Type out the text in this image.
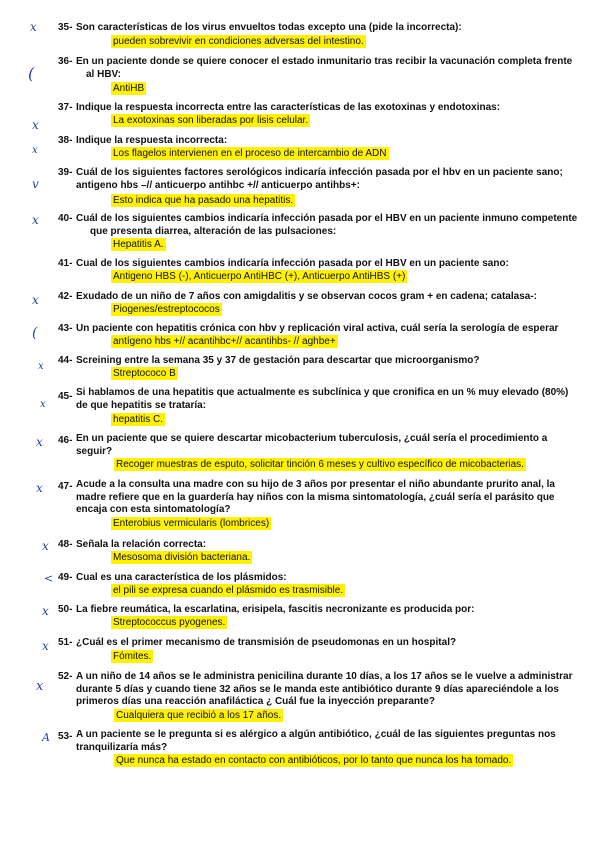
x 35- Son características de los virus envueltos todas excepto una (pide la incorrecta):
pueden sobrevivir en condiciones adversas del intestino.
(
36- En un paciente donde se quiere conocer el estado inmunitario tras recibir la vacunación completa frente
al HBV:
AntiHB
x
37- Indique la respuesta incorrecta entre las características de las exotoxinas y endotoxinas:
La exotoxinas son liberadas por lisis celular.
x
38- Indique la respuesta incorrecta:
Los flagelos intervienen en el proceso de intercambio de ADN
v
39- Cuál de los siguientes factores serológicos indicaría infección pasada por el hbv en un paciente sano;
antigeno hbs –// anticuerpo antihbc +// anticuerpo antihbs+:
Esto indica que ha pasado una hepatitis.
x 40- Cuál de los siguientes cambios indicaría infección pasada por el HBV en un paciente inmuno competente
que presenta diarrea, alteración de las pulsaciones:
Hepatitis A.
41- Cual de los siguientes cambios indicaría infección pasada por el HBV en un paciente sano:
Antigeno HBS (-), Anticuerpo AntiHBC (+), Anticuerpo AntiHBS (+)
x 42- Exudado de un niño de 7 años con amigdalitis y se observan cocos gram + en cadena; catalasa-:
Piogenes/estreptococos
( 43- Un paciente con hepatitis crónica con hbv y replicación viral activa, cuál sería la serología de esperar
antígeno hbs +// acantihbc+// acantihbs- // aghbe+
x
44- Screining entre la semana 35 y 37 de gestación para descartar que microorganismo?
Streptococo B
x
45- Si hablamos de una hepatitis que actualmente es subclínica y que cronifica en un % muy elevado (80%)
de que hepatitis se trataría:
hepatitis C.
x 46- En un paciente que se quiere descartar micobacterium tuberculosis, ¿cuál sería el procedimiento a
seguir?
Recoger muestras de esputo, solicitar tinción 6 meses y cultivo específico de micobacterias.
x 47- Acude a la consulta una madre con su hijo de 3 años por presentar el niño abundante prurito anal, la
madre refiere que en la guardería hay niños con la misma sintomatología, ¿cuál sería el parásito que
encaja con esta sintomatología?
Enterobius vermicularis (lombrices)
x 48- Señala la relación correcta:
Mesosoma división bacteriana.
< 49- Cual es una característica de los plásmidos:
el pili se expresa cuando el plásmido es trasmisible.
x 50- La fiebre reumática, la escarlatina, erisipela, fascitis necronizante es producida por:
Streptococcus pyogenes.
x 51- ¿Cuál es el primer mecanismo de transmisión de pseudomonas en un hospital?
Fómites.
x
52- A un niño de 14 años se le administra penicilina durante 10 días, a los 17 años se le vuelve a administrar
durante 5 días y cuando tiene 32 años se le manda este antibiótico durante 9 días apareciéndole a los
primeros días una reacción anafiláctica ¿ Cuál fue la inyección preparante?
Cualquiera que recibió a los 17 años.
A 53- A un paciente se le pregunta si es alérgico a algún antibiótico, ¿cuál de las siguientes preguntas nos
tranquilizaría más?
Que nunca ha estado en contacto con antibióticos, por lo tanto que nunca los ha tomado.
